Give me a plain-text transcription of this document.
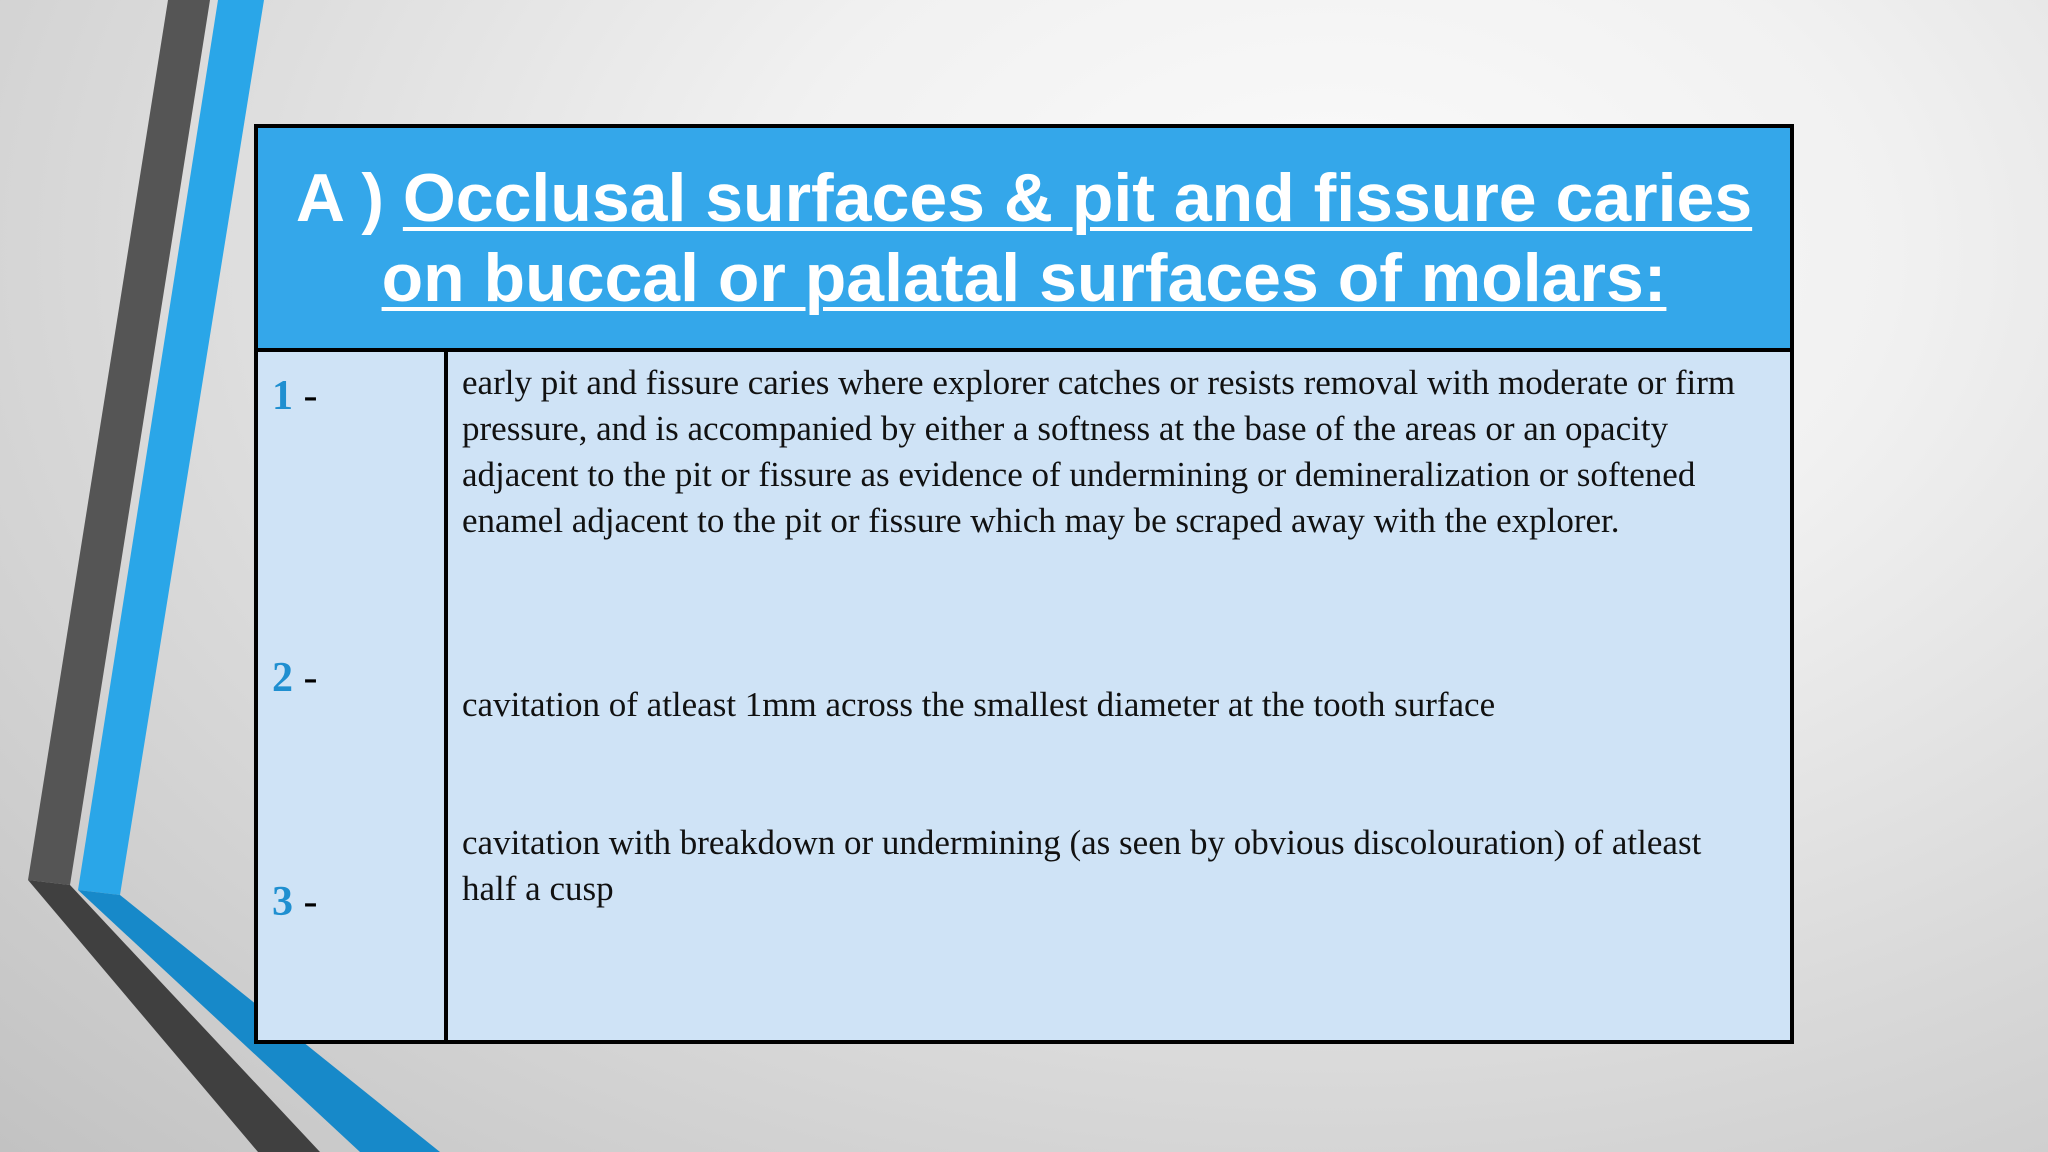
A ) Occlusal surfaces & pit and fissure caries on buccal or palatal surfaces of molars:
1 -
2 -
3 -

early pit and fissure caries where explorer catches or resists removal with moderate or firm pressure, and is accompanied by either a softness at the base of the areas or an opacity adjacent to the pit or fissure as evidence of undermining or demineralization or softened enamel adjacent to the pit or fissure which may be scraped away with the explorer.

cavitation of atleast 1mm across the smallest diameter at the tooth surface

cavitation with breakdown or undermining (as seen by obvious discolouration) of atleast half a cusp
